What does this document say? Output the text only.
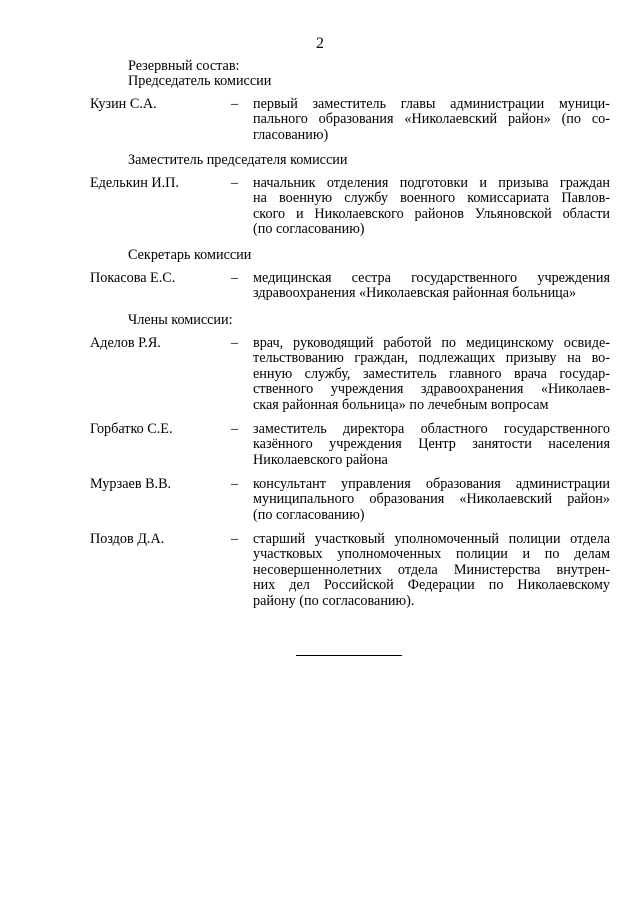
2
Резервный состав:
Председатель комиссии
Кузин С.А.	– первый заместитель главы администрации муници-
пального образования «Николаевский район» (по со-
гласованию)
Заместитель председателя комиссии
Еделькин И.П.	– начальник отделения подготовки и призыва граждан
на военную службу военного комиссариата Павлов-
ского и Николаевского районов Ульяновской области
(по согласованию)
Секретарь комиссии
Покасова Е.С.	– медицинская сестра государственного учреждения
здравоохранения «Николаевская районная больница»
Члены комиссии:
Аделов Р.Я.	– врач, руководящий работой по медицинскому освиде-
тельствованию граждан, подлежащих призыву на во-
енную службу, заместитель главного врача государ-
ственного учреждения здравоохранения «Николаев-
ская районная больница» по лечебным вопросам
Горбатко С.Е.	– заместитель директора областного государственного
казённого учреждения Центр занятости населения
Николаевского района
Мурзаев В.В.	– консультант управления образования администрации
муниципального образования «Николаевский район»
(по согласованию)
Поздов Д.А.	– старший участковый уполномоченный полиции отдела
участковых уполномоченных полиции и по делам
несовершеннолетних отдела Министерства внутрен-
них дел Российской Федерации по Николаевскому
району (по согласованию).
